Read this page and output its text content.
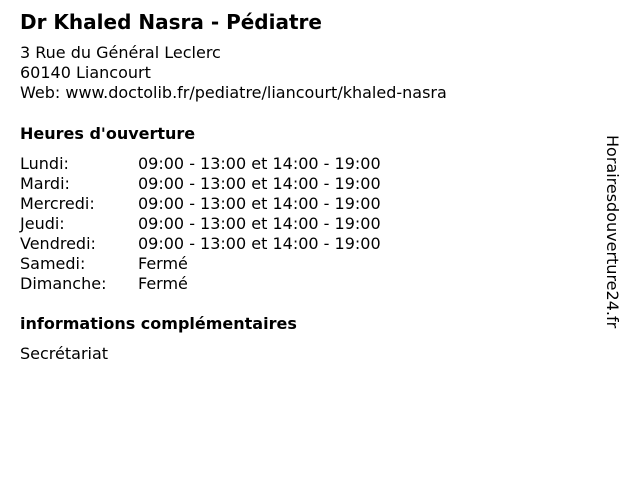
Dr Khaled Nasra - Pédiatre
3 Rue du Général Leclerc
60140 Liancourt
Web: www.doctolib.fr/pediatre/liancourt/khaled-nasra
Heures d'ouverture
Lundi:	09:00 - 13:00 et 14:00 - 19:00
Mardi:	09:00 - 13:00 et 14:00 - 19:00
Mercredi:	09:00 - 13:00 et 14:00 - 19:00
Jeudi:	09:00 - 13:00 et 14:00 - 19:00
Vendredi:	09:00 - 13:00 et 14:00 - 19:00
Samedi:	Fermé
Dimanche: Fermé
informations complémentaires
Secrétariat
Horairesdouverture24.fr
